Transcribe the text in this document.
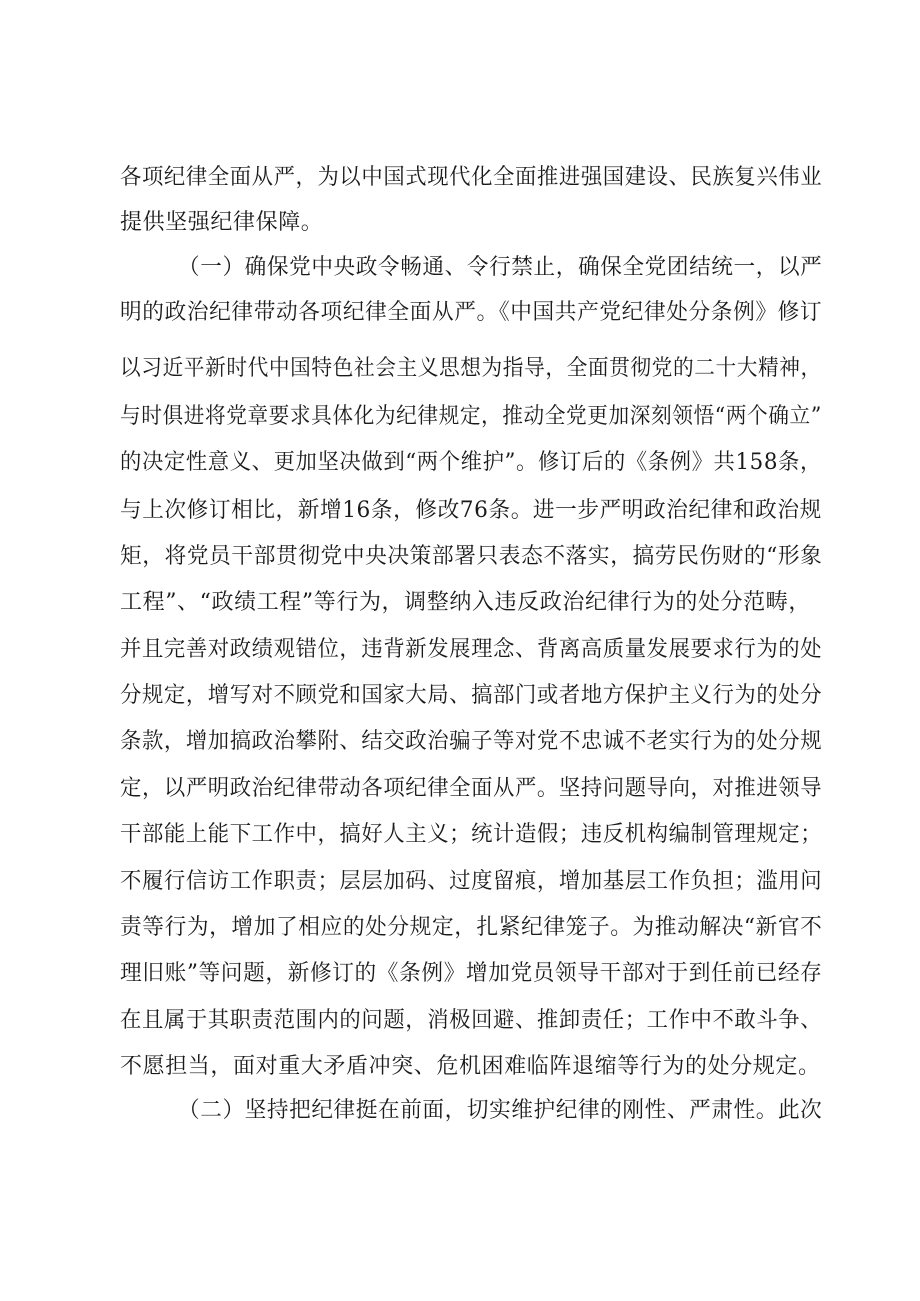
各项纪律全面从严，为以中国式现代化全面推进强国建设、民族复兴伟业
提供坚强纪律保障。
（一）确保党中央政令畅通、令行禁止，确保全党团结统一，以严
明的政治纪律带动各项纪律全面从严。《中国共产党纪律处分条例》修订
以习近平新时代中国特色社会主义思想为指导，全面贯彻党的二十大精神，
与时俱进将党章要求具体化为纪律规定，推动全党更加深刻领悟“两个确立”
的决定性意义、更加坚决做到“两个维护”。修订后的《条例》共158条，
与上次修订相比，新增16条，修改76条。进一步严明政治纪律和政治规
矩，将党员干部贯彻党中央决策部署只表态不落实，搞劳民伤财的“形象
工程”、“政绩工程”等行为，调整纳入违反政治纪律行为的处分范畴，
并且完善对政绩观错位，违背新发展理念、背离高质量发展要求行为的处
分规定，增写对不顾党和国家大局、搞部门或者地方保护主义行为的处分
条款，增加搞政治攀附、结交政治骗子等对党不忠诚不老实行为的处分规
定，以严明政治纪律带动各项纪律全面从严。坚持问题导向，对推进领导
干部能上能下工作中，搞好人主义；统计造假；违反机构编制管理规定；
不履行信访工作职责；层层加码、过度留痕，增加基层工作负担；滥用问
责等行为，增加了相应的处分规定，扎紧纪律笼子。为推动解决“新官不
理旧账”等问题，新修订的《条例》增加党员领导干部对于到任前已经存
在且属于其职责范围内的问题，消极回避、推卸责任；工作中不敢斗争、
不愿担当，面对重大矛盾冲突、危机困难临阵退缩等行为的处分规定。
（二）坚持把纪律挺在前面，切实维护纪律的刚性、严肃性。此次
